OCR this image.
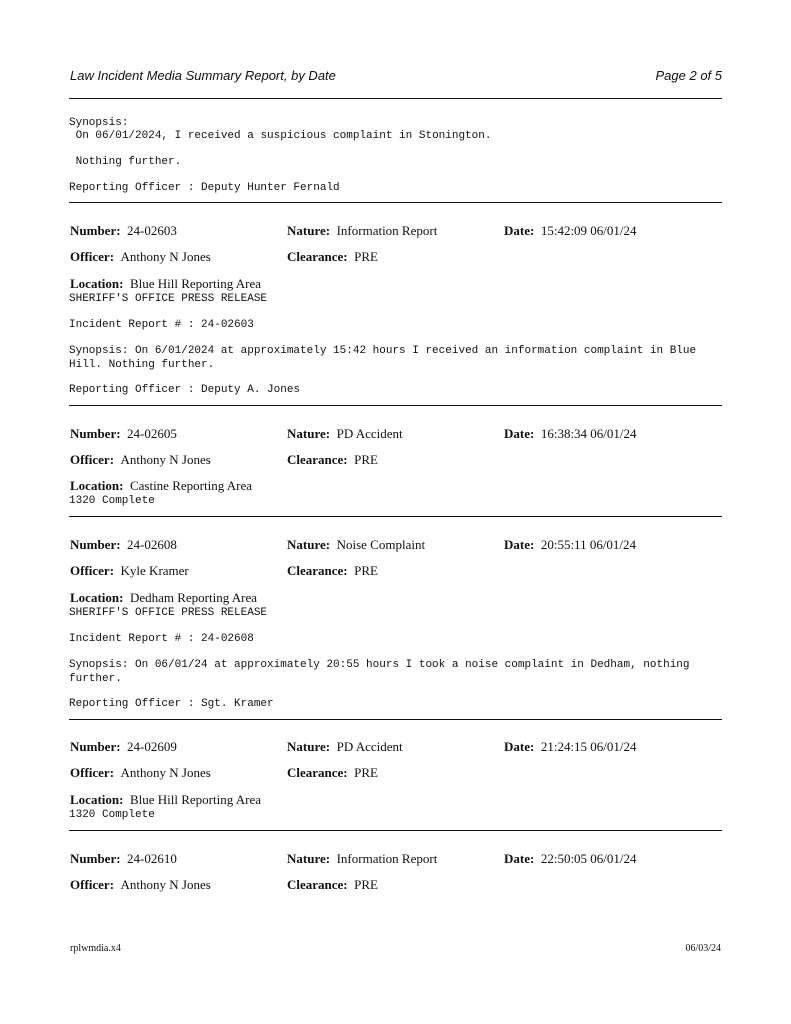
Law Incident Media Summary Report, by Date	Page 2 of 5
Synopsis:
On 06/01/2024, I received a suspicious complaint in Stonington.
Nothing further.
Reporting Officer : Deputy Hunter Fernald
Number: 24-02603	Nature: Information Report	Date: 15:42:09 06/01/24
Officer: Anthony N Jones	Clearance: PRE
Location: Blue Hill Reporting Area
SHERIFF'S OFFICE PRESS RELEASE
Incident Report # : 24-02603
Synopsis: On 6/01/2024 at approximately 15:42 hours I received an information complaint in Blue Hill. Nothing further.
Reporting Officer : Deputy A. Jones
Number: 24-02605	Nature: PD Accident	Date: 16:38:34 06/01/24
Officer: Anthony N Jones	Clearance: PRE
Location: Castine Reporting Area
1320 Complete
Number: 24-02608	Nature: Noise Complaint	Date: 20:55:11 06/01/24
Officer: Kyle Kramer	Clearance: PRE
Location: Dedham Reporting Area
SHERIFF'S OFFICE PRESS RELEASE
Incident Report # : 24-02608
Synopsis: On 06/01/24 at approximately 20:55 hours I took a noise complaint in Dedham, nothing further.
Reporting Officer : Sgt. Kramer
Number: 24-02609	Nature: PD Accident	Date: 21:24:15 06/01/24
Officer: Anthony N Jones	Clearance: PRE
Location: Blue Hill Reporting Area
1320 Complete
Number: 24-02610	Nature: Information Report	Date: 22:50:05 06/01/24
Officer: Anthony N Jones	Clearance: PRE
rplwmdia.x4	06/03/24
